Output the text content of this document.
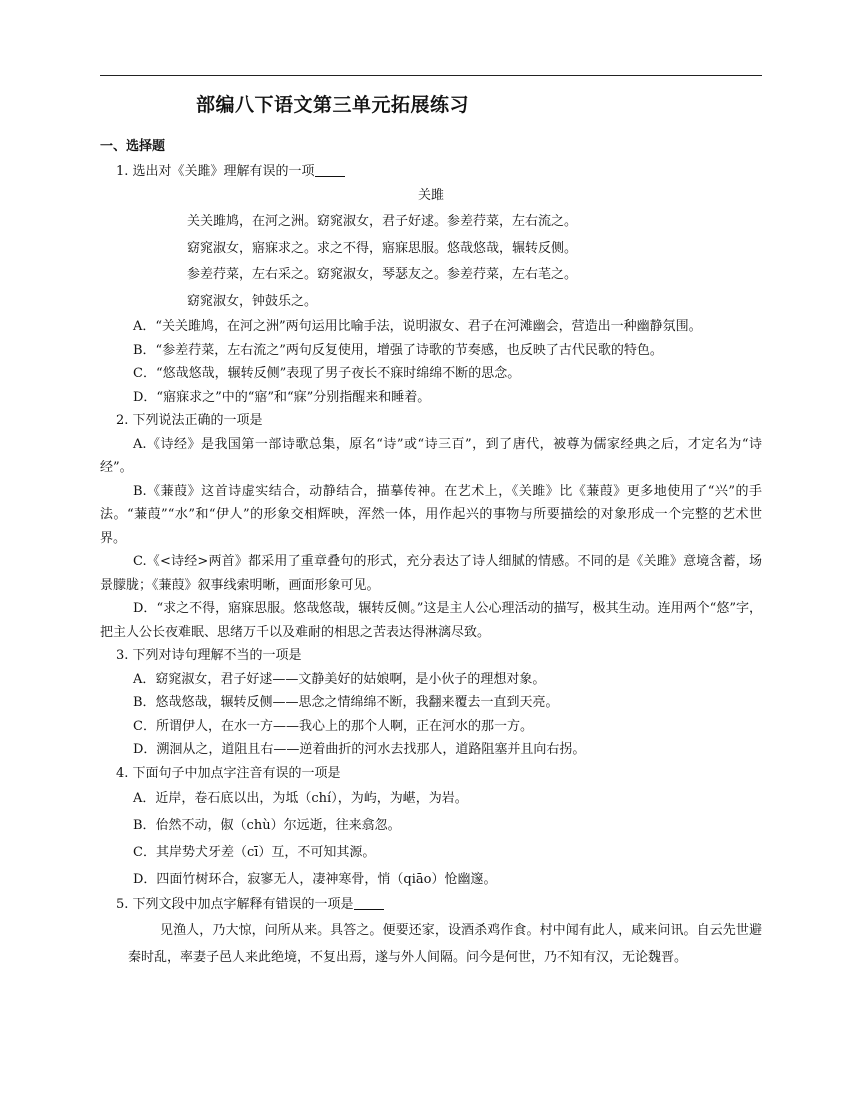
部编八下语文第三单元拓展练习
一、选择题
1. 选出对《关雎》理解有误的一项
关雎
关关雎鸠，在河之洲。窈窕淑女，君子好逑。参差荇菜，左右流之。
窈窕淑女，寤寐求之。求之不得，寤寐思服。悠哉悠哉，辗转反侧。
参差荇菜，左右采之。窈窕淑女，琴瑟友之。参差荇菜，左右芼之。
窈窕淑女，钟鼓乐之。
A．“关关雎鸠，在河之洲”两句运用比喻手法，说明淑女、君子在河滩幽会，营造出一种幽静氛围。
B．“参差荇菜，左右流之”两句反复使用，增强了诗歌的节奏感，也反映了古代民歌的特色。
C．“悠哉悠哉，辗转反侧”表现了男子夜长不寐时绵绵不断的思念。
D．“寤寐求之”中的“寤”和“寐”分别指醒来和睡着。
2. 下列说法正确的一项是
A.《诗经》是我国第一部诗歌总集，原名“诗”或“诗三百”，到了唐代，被尊为儒家经典之后，才定名为“诗经”。
B.《蒹葭》这首诗虚实结合，动静结合，描摹传神。在艺术上，《关雎》比《蒹葭》更多地使用了“兴”的手法。“蒹葭”“水”和“伊人”的形象交相辉映，浑然一体，用作起兴的事物与所要描绘的对象形成一个完整的艺术世界。
C.《<诗经>两首》都采用了重章叠句的形式，充分表达了诗人细腻的情感。不同的是《关雎》意境含蓄，场景朦胧；《蒹葭》叙事线索明晰，画面形象可见。
D．“求之不得，寤寐思服。悠哉悠哉，辗转反侧。”这是主人公心理活动的描写，极其生动。连用两个“悠”字，把主人公长夜难眠、思绪万千以及难耐的相思之苦表达得淋漓尽致。
3. 下列对诗句理解不当的一项是
A．窈窕淑女，君子好逑——文静美好的姑娘啊，是小伙子的理想对象。
B．悠哉悠哉，辗转反侧——思念之情绵绵不断，我翻来覆去一直到天亮。
C．所谓伊人，在水一方——我心上的那个人啊，正在河水的那一方。
D．溯洄从之，道阻且右——逆着曲折的河水去找那人，道路阻塞并且向右拐。
4. 下面句子中加点字注音有误的一项是
A．近岸，卷石底以出，为坻（chí），为屿，为嵁，为岩。
B．佁然不动，俶（chù）尔远逝，往来翕忽。
C．其岸势犬牙差（cī）互，不可知其源。
D．四面竹树环合，寂寥无人，凄神寒骨，悄（qiāo）怆幽邃。
5. 下列文段中加点字解释有错误的一项是
见渔人，乃大惊，问所从来。具答之。便要还家，设酒杀鸡作食。村中闻有此人，咸来问讯。自云先世避秦时乱，率妻子邑人来此绝境，不复出焉，遂与外人间隔。问今是何世，乃不知有汉，无论魏晋。
